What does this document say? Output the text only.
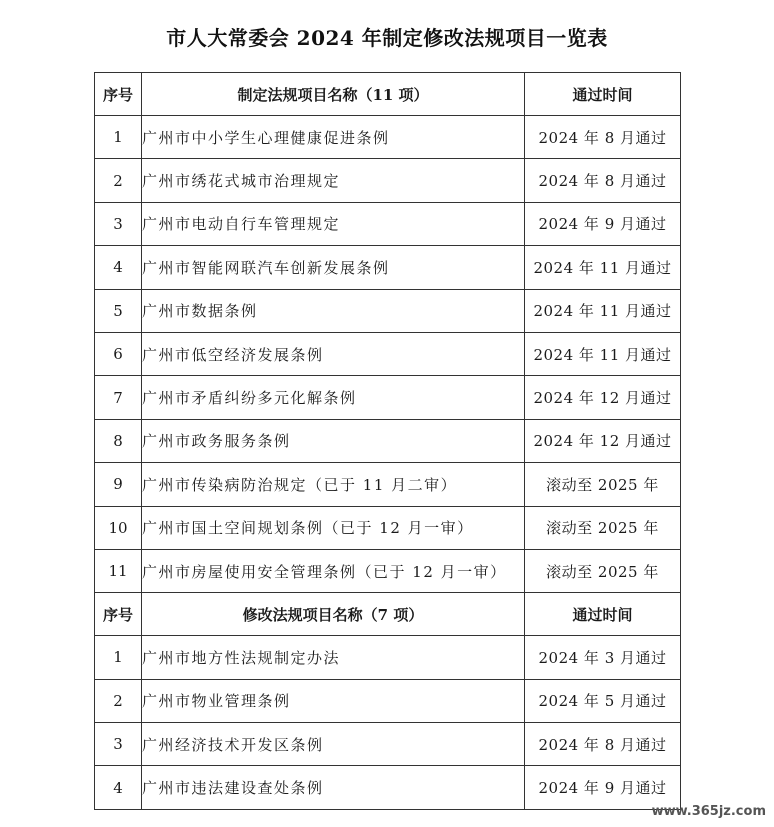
市人大常委会 2024 年制定修改法规项目一览表
序号	制定法规项目名称（11 项）	通过时间
1	广州市中小学生心理健康促进条例	2024 年 8 月通过
2	广州市绣花式城市治理规定	2024 年 8 月通过
3	广州市电动自行车管理规定	2024 年 9 月通过
4	广州市智能网联汽车创新发展条例	2024 年 11 月通过
5	广州市数据条例	2024 年 11 月通过
6	广州市低空经济发展条例	2024 年 11 月通过
7	广州市矛盾纠纷多元化解条例	2024 年 12 月通过
8	广州市政务服务条例	2024 年 12 月通过
9	广州市传染病防治规定（已于 11 月二审）	滚动至 2025 年
10	广州市国土空间规划条例（已于 12 月一审）	滚动至 2025 年
11	广州市房屋使用安全管理条例（已于 12 月一审）	滚动至 2025 年
序号	修改法规项目名称（7 项）	通过时间
1	广州市地方性法规制定办法	2024 年 3 月通过
2	广州市物业管理条例	2024 年 5 月通过
3	广州经济技术开发区条例	2024 年 8 月通过
4	广州市违法建设查处条例	2024 年 9 月通过
www.365jz.com
